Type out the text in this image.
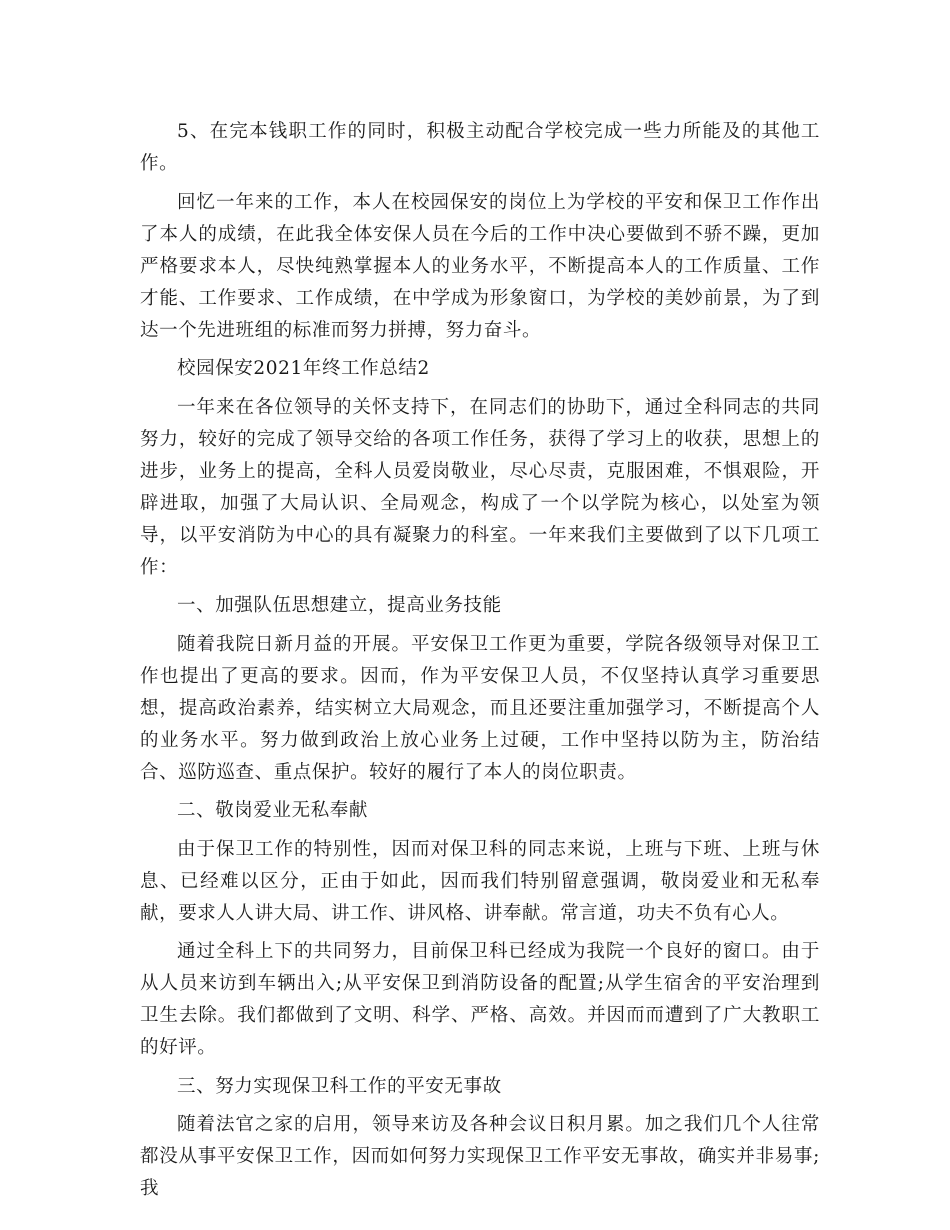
5、在完本钱职工作的同时，积极主动配合学校完成一些力所能及的其他工作。

回忆一年来的工作，本人在校园保安的岗位上为学校的平安和保卫工作作出了本人的成绩，在此我全体安保人员在今后的工作中决心要做到不骄不躁，更加严格要求本人，尽快纯熟掌握本人的业务水平，不断提高本人的工作质量、工作才能、工作要求、工作成绩，在中学成为形象窗口，为学校的美妙前景，为了到达一个先进班组的标准而努力拼搏，努力奋斗。

校园保安2021年终工作总结2

一年来在各位领导的关怀支持下，在同志们的协助下，通过全科同志的共同努力，较好的完成了领导交给的各项工作任务，获得了学习上的收获，思想上的进步，业务上的提高，全科人员爱岗敬业，尽心尽责，克服困难，不惧艰险，开辟进取，加强了大局认识、全局观念，构成了一个以学院为核心，以处室为领导，以平安消防为中心的具有凝聚力的科室。一年来我们主要做到了以下几项工作：

一、加强队伍思想建立，提高业务技能

随着我院日新月益的开展。平安保卫工作更为重要，学院各级领导对保卫工作也提出了更高的要求。因而，作为平安保卫人员，不仅坚持认真学习重要思想，提高政治素养，结实树立大局观念，而且还要注重加强学习，不断提高个人的业务水平。努力做到政治上放心业务上过硬，工作中坚持以防为主，防治结合、巡防巡查、重点保护。较好的履行了本人的岗位职责。

二、敬岗爱业无私奉献

由于保卫工作的特别性，因而对保卫科的同志来说，上班与下班、上班与休息、已经难以区分，正由于如此，因而我们特别留意强调，敬岗爱业和无私奉献，要求人人讲大局、讲工作、讲风格、讲奉献。常言道，功夫不负有心人。

通过全科上下的共同努力，目前保卫科已经成为我院一个良好的窗口。由于从人员来访到车辆出入;从平安保卫到消防设备的配置;从学生宿舍的平安治理到卫生去除。我们都做到了文明、科学、严格、高效。并因而而遭到了广大教职工的好评。

三、努力实现保卫科工作的平安无事故

随着法官之家的启用，领导来访及各种会议日积月累。加之我们几个人往常都没从事平安保卫工作，因而如何努力实现保卫工作平安无事故，确实并非易事;我
